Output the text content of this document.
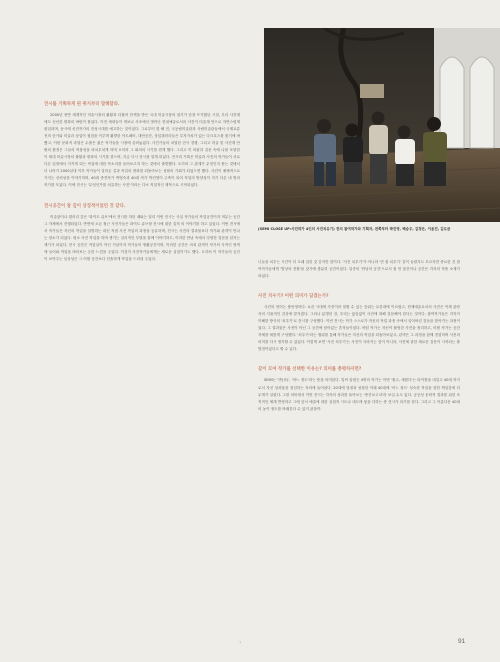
전시를 기획하게 된 취지부터 말해달라.
2000년 중반 세계적인 미술시장의 활황과 더불어 단색을 받은 국내 미술시장의 열기가 한창 뜨거웠던 시절, 우리 사진계에도 신선한 변화의 바람이 불었다. 이전 세대들이 개보나 사조에서 벗어난 현대예술로서의 사진이 미술계 안으로 자연스럽게 편입되며, 동시에 신진작가의 전성시대를 예고하는 것이었다. 그로부터 몇 해 전, 국공립미술관과 사립미술관들에서 국제교류전의 증가와 미술과 상업이 접점을 이루며 활발한 아트페어, 대안공간, 상업갤러리들은 투자가치가 있는 다크호스를 찾기에 바빴고, 이런 문화적 과열은 수많은 젊은 작가들을 시장에 올려놓았다. 사진가들의 치열한 전시 경쟁, 그리고 미술 및 사진계 안팎의 환경은 그들의 작품성을 외치우치게 하며 오히려 그 회의의 시기를 겪게 했다. 그리고 이 비판과 질문 속에 나를 포함한 이 세대 미술시장의 불황과 변화의 시기를 겪으며, 지금 다시 전시를 열게 되었다. 전시의 기획은 미술과 사진의 작가들이 서로 다른 입장에서 가지게 되는 작업에 대한 목소리를 들어보고자 하는 것에서 출발했다. 오히려 그 관계가 무엇인지 묻는 것에서 더 나아가 2000년대 이후 작가들이 걸어온 길과 작업의 변화를 되돌아보는 성찰의 기회가 되었으면 했다. 사진이 매체적으로 가지는 신뢰성을 이야기하며, 40대 중견작가 박영숙과 40대 작가 박진영이 주축이 되어 작업의 방향성이 각기 다른 네 명의 작가를 모았다. 이에 전시는 '무엇인가를 치유하는 사진'이라는 다소 직설적인 제목으로 시작되었다.
전시공간이 참 깊이 상징적이었던 것 같다.
미술관이나 갤러리 같은 '화이트 큐브'에서 전시를 하던 때와는 달리 이번 전시는 사실 작가들의 작업공간이자 머무는 공간 그 자체에서 진행되었다. 반면에 오픈 철근 사진가들은 화이트 큐브형 전시에 대한 질적 의 이야기를 하고 있었다. 이번 전시에서 작가들은 자신의 작업을 설명하는 대신 직접 사진 작업의 과정을 공유하며, 전시는 사진의 결과물보다 작가와 관객이 만나는 장소가 되었다. 평소 사진 작업을 하며 생기는 심리적인 부담을 함께 이야기하고, 이러한 만남 속에서 다양한 질문을 던지는 계기가 되었다. 전시 공간은 작업실이 아닌 거실이자 작가들의 생활공간이며, 이러한 공간은 마치 관객이 작가의 사적인 영역에 들어와 작업을 바라보는 듯한 느낌을 주었다. 이것이 사진작가들에게는 새로운 실험이기도 했다. 오히려 이 작가들의 공간이 보여주는 일상성은 그 어떤 공간보다 진솔하게 작업을 드러내 주었다.
(SEMI CLOSE UP:사진작가 4인의 사진치유기) 전의 참여작가와 기획자, 왼쪽부터 박진영, 백승우, 김정은, 이윤진, 김도균
니들을 치우는 시간이 더 오래 걸린 것 같지만 말이다. '사진 치우기'가 아니라 '빈 집 치우기' 같이 들렸지도 모르지만 중요한 건 참여작가들에게 '발상의 전환'을 갖기에 충분한 공간이었다. 일종의 '만남의 공간'으로서 집 안 물건이나 공간은 각자의 작품 소재가 되었다.
사진 치우기? 어떤 의미가 담겼는가?
사진의 언어는 불안정하다. 요즘 시대에 사진이라 말할 수 있는 층위는 무한대에 이르렀고, 현재예술로서의 사진은 이제 관람자의 지율적인 감상에 맡겨졌다. 그러나 분명한 건, 우리는 끊임없이 사진에 대해 질문해야 한다는 것이다. 참여작가들은 각자가 이해한 방식의 '치우기'로 전시를 구성했다. 이번 전시는 작가 스스로가 자신의 작업 과정 속에서 잊어버린 것들을 찾아가는 과정이었다. 그 결과물은 사진이 아닌 그 공간에 남아있는 흔적들이었다. 어떤 작가는 자신이 촬영한 사진을 정리하고, 어떤 작가는 공간 자체를 새롭게 구성했다. '치우기'라는 행위를 통해 작가들은 자신의 작업을 되돌아보았고, 관객은 그 과정을 함께 경험하며 사진의 의미를 다시 생각할 수 있었다. 이렇게 보면 '사진 치우기'는 사진이 사라지는 것이 아니라, 사진에 관한 새로운 질문이 시작되는 출발점이었다고 할 수 있다.
같이 모여 작가를 선택한 이유는? 의미를 총평하자면?
SEMI는 '반(半)', '어느 정도'라는 뜻을 의미한다. 말씨 알렸듯 4명의 작가는 이번 '철고, 새롭다'는 타이틀을 내걸고 40대 작가로서 자신 성과물을 점검하는 자리에 들어섰다. 20대에 열정과 성장한 이래 40대에 '어느 정도' 성숙한 작업을 향한 책임감에 더 무게가 실렸다. 그런 의미에서 이번 전시는 각자의 성과를 돌아보는 '중간보고서'라 보일 수도 있다. 공공성 문화적 결과를 위한 조직적인 체계 반영하고 그에 앞서 예술에 대한 실험적 시도나 대도에 몫을 다하는 중 전시가 되기를 한다. 그리고 그 아름다운 40대의 높이 정도를 바래본다 수 있지 않을까.
ㄱ	91
